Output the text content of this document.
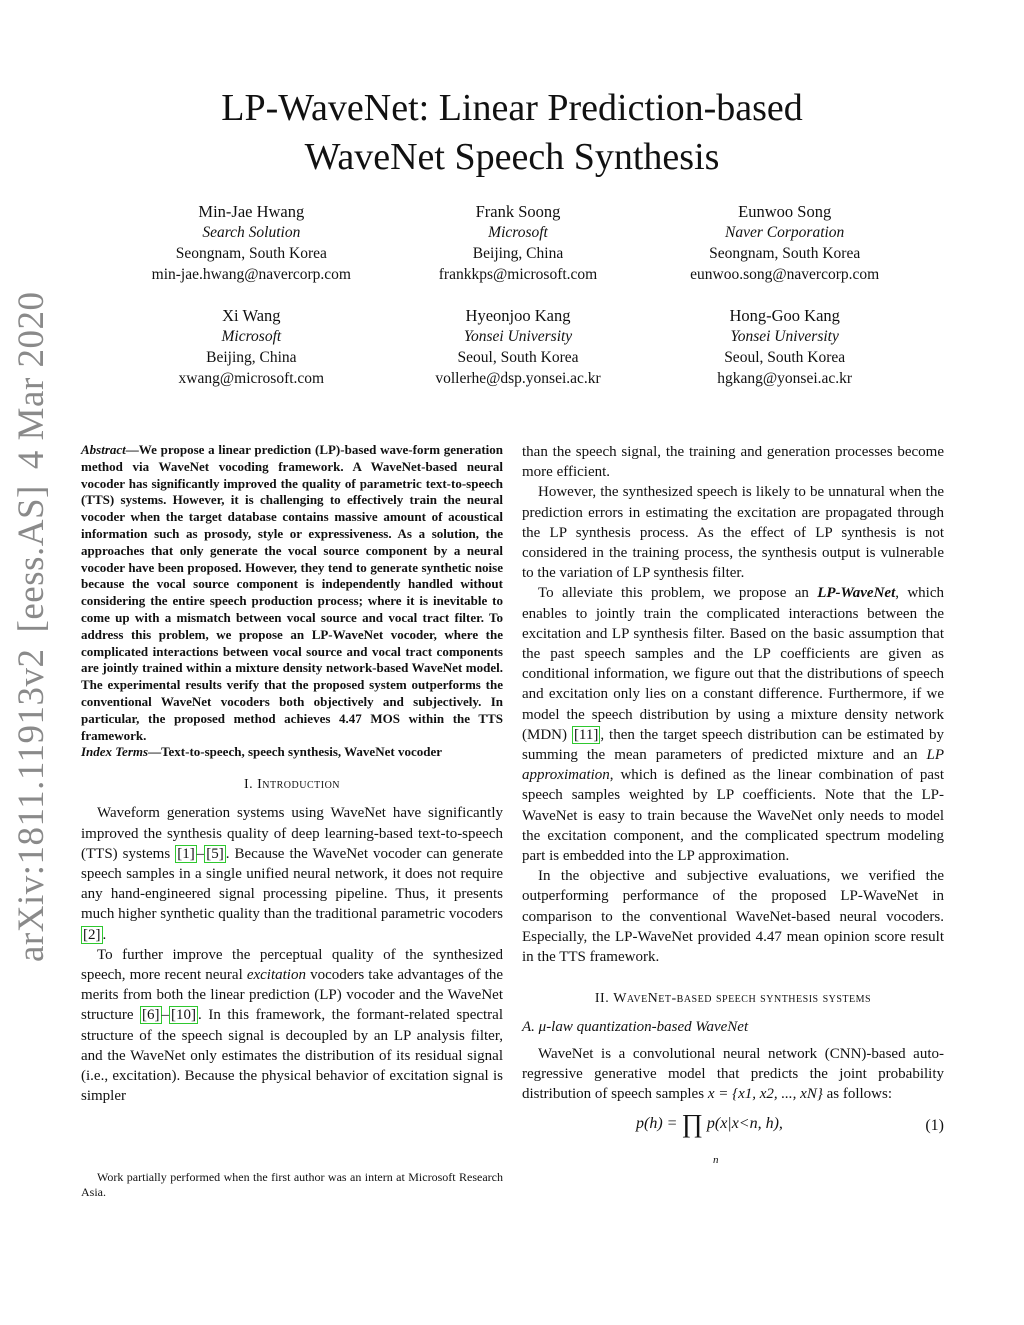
arXiv:1811.11913v2
[eess.AS]
4 Mar 2020
LP-WaveNet: Linear Prediction-based
WaveNet Speech Synthesis
Min-Jae Hwang
Search Solution
Seongnam, South Korea
min-jae.hwang@navercorp.com
Frank Soong
Microsoft
Beijing, China
frankkps@microsoft.com
Eunwoo Song
Naver Corporation
Seongnam, South Korea
eunwoo.song@navercorp.com
Xi Wang
Microsoft
Beijing, China
xwang@microsoft.com
Hyeonjoo Kang
Yonsei University
Seoul, South Korea
vollerhe@dsp.yonsei.ac.kr
Hong-Goo Kang
Yonsei University
Seoul, South Korea
hgkang@yonsei.ac.kr
Abstract—We propose a linear prediction (LP)-based wave-form generation method via WaveNet vocoding framework. A WaveNet-based neural vocoder has significantly improved the quality of parametric text-to-speech (TTS) systems. However, it is challenging to effectively train the neural vocoder when the target database contains massive amount of acoustical information such as prosody, style or expressiveness. As a solution, the approaches that only generate the vocal source component by a neural vocoder have been proposed. However, they tend to generate synthetic noise because the vocal source component is independently handled without considering the entire speech production process; where it is inevitable to come up with a mismatch between vocal source and vocal tract filter. To address this problem, we propose an LP-WaveNet vocoder, where the complicated interactions between vocal source and vocal tract components are jointly trained within a mixture density network-based WaveNet model. The experimental results verify that the proposed system outperforms the conventional WaveNet vocoders both objectively and subjectively. In particular, the proposed method achieves 4.47 MOS within the TTS framework.
Index Terms—Text-to-speech, speech synthesis, WaveNet vocoder
I. Introduction

Waveform generation systems using WaveNet have significantly improved the synthesis quality of deep learning-based text-to-speech (TTS) systems [1] – [5] . Because the WaveNet vocoder can generate speech samples in a single unified neural network, it does not require any hand-engineered signal processing pipeline. Thus, it presents much higher synthetic quality than the traditional parametric vocoders [2] .

To further improve the perceptual quality of the synthesized speech, more recent neural excitation vocoders take advantages of the merits from both the linear prediction (LP) vocoder and the WaveNet structure [6] – [10] . In this framework, the formant-related spectral structure of the speech signal is decoupled by an LP analysis filter, and the WaveNet only estimates the distribution of its residual signal (i.e., excitation). Because the physical behavior of excitation signal is simpler

Work partially performed when the first author was an intern at Microsoft Research Asia.

than the speech signal, the training and generation processes become more efficient.

However, the synthesized speech is likely to be unnatural when the prediction errors in estimating the excitation are propagated through the LP synthesis process. As the effect of LP synthesis is not considered in the training process, the synthesis output is vulnerable to the variation of LP synthesis filter.

To alleviate this problem, we propose an LP-WaveNet, which enables to jointly train the complicated interactions between the excitation and LP synthesis filter. Based on the basic assumption that the past speech samples and the LP coefficients are given as conditional information, we figure out that the distributions of speech and excitation only lies on a constant difference. Furthermore, if we model the speech distribution by using a mixture density network (MDN) [11] , then the target speech distribution can be estimated by summing the mean parameters of predicted mixture and an LP approximation, which is defined as the linear combination of past speech samples weighted by LP coefficients. Note that the LP-WaveNet is easy to train because the WaveNet only needs to model the excitation component, and the complicated spectrum modeling part is embedded into the LP approximation.

In the objective and subjective evaluations, we verified the outperforming performance of the proposed LP-WaveNet in comparison to the conventional WaveNet-based neural vocoders. Especially, the LP-WaveNet provided 4.47 mean opinion score result in the TTS framework.

II. WaveNet-based speech synthesis systems
A. μ-law quantization-based WaveNet

WaveNet is a convolutional neural network (CNN)-based auto-regressive generative model that predicts the joint probability distribution of speech samples x = {x1, x2, ..., xN} as follows:

p(h) = ∏ p(x|x<n, h),
n
(1)
